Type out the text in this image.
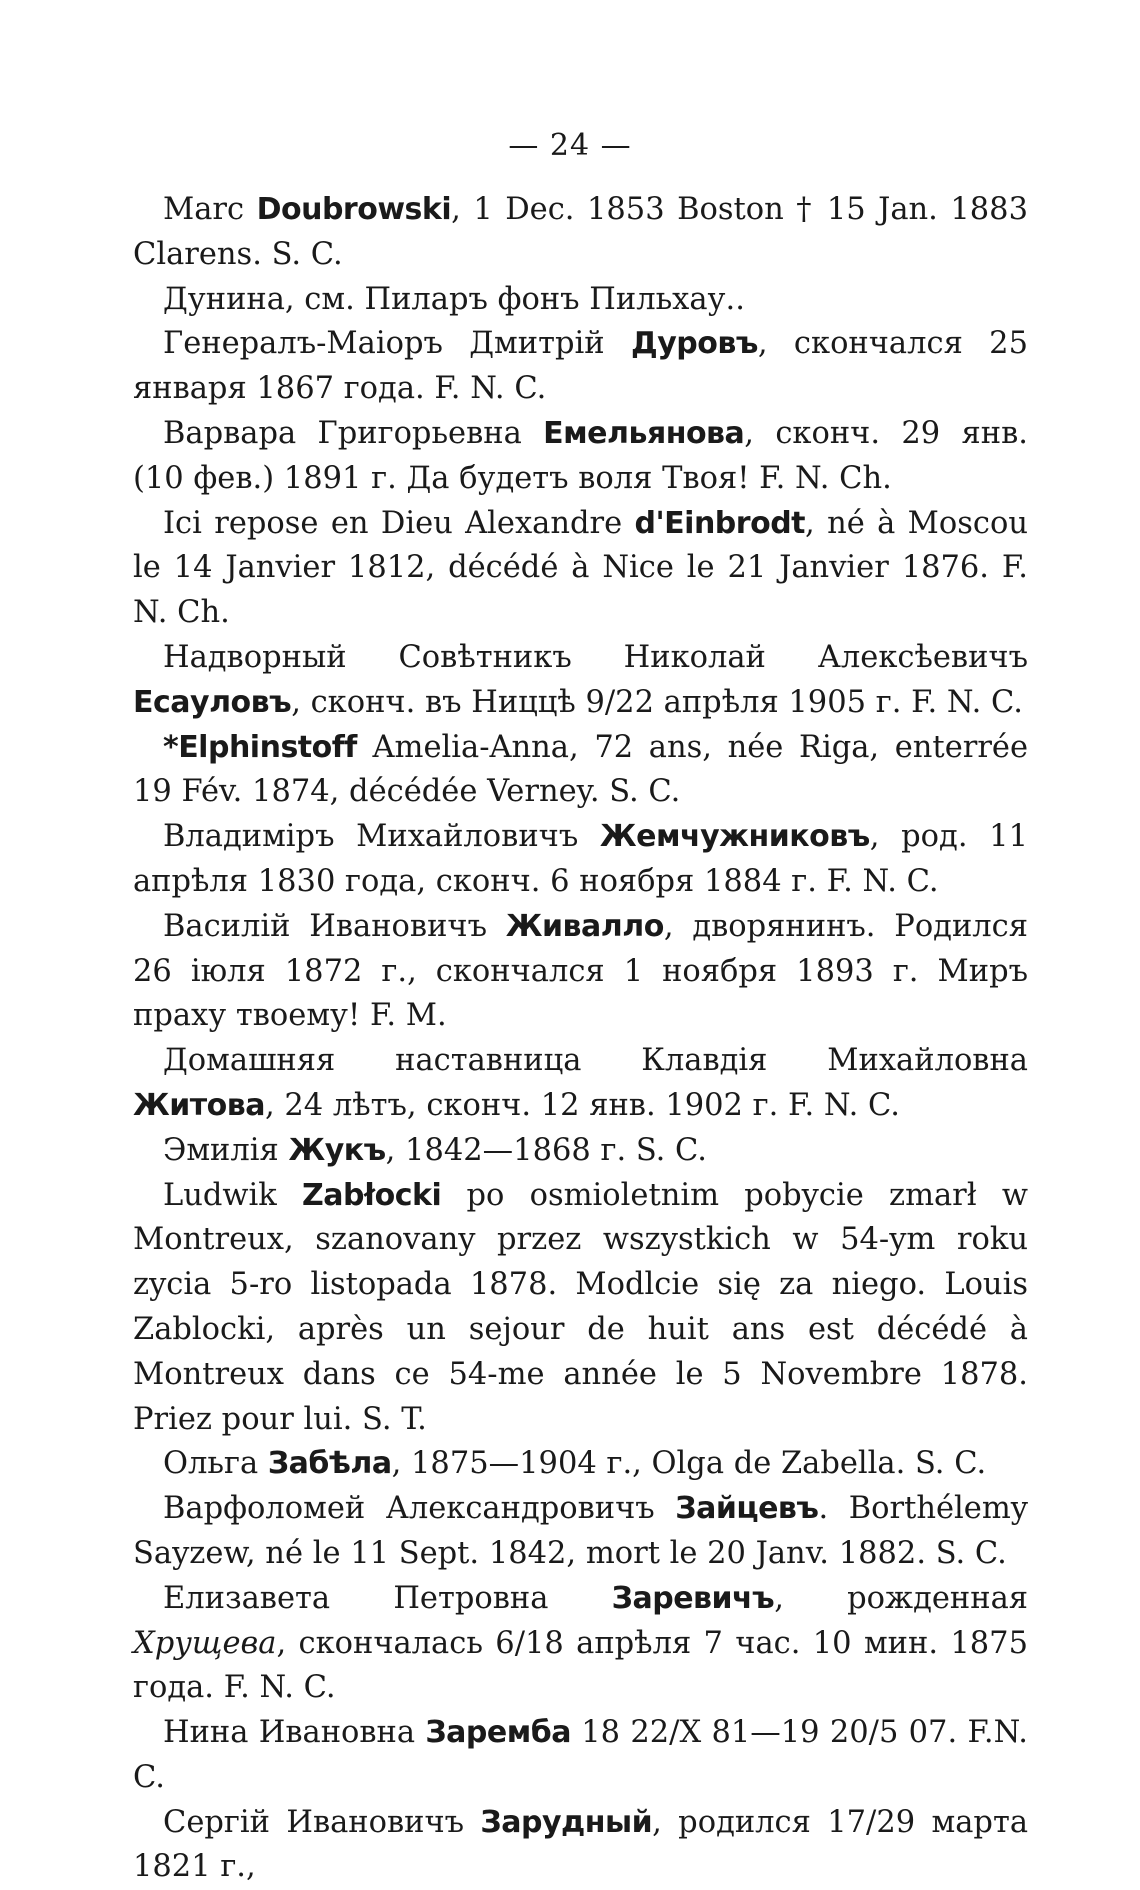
— 24 —

Marc Doubrowski, 1 Dec. 1853 Boston † 15 Jan. 1883 Clarens. S. C.

Дунина, см. Пиларъ фонъ Пильхау..

Генералъ-Маіоръ Дмитрій Дуровъ, скончался 25 января 1867 года. F. N. C.

Варвара Григорьевна Емельянова, сконч. 29 янв. (10 фев.) 1891 г. Да будетъ воля Твоя! F. N. Ch.

Ici repose en Dieu Alexandre d'Einbrodt, né à Moscou le 14 Janvier 1812, décédé à Nice le 21 Janvier 1876. F. N. Ch.

Надворный Совѣтникъ Николай Алексѣевичъ Есауловъ, сконч. въ Ниццѣ 9/22 апрѣля 1905 г. F. N. C.

*Elphinstoff Amelia-Anna, 72 ans, née Riga, enterrée 19 Fév. 1874, décédée Verney. S. C.

Владиміръ Михайловичъ Жемчужниковъ, род. 11 апрѣля 1830 года, сконч. 6 ноября 1884 г. F. N. C.

Василій Ивановичъ Живалло, дворянинъ. Родился 26 іюля 1872 г., скончался 1 ноября 1893 г. Миръ праху твоему! F. M.

Домашняя наставница Клавдія Михайловна Житова, 24 лѣтъ, сконч. 12 янв. 1902 г. F. N. C.

Эмилія Жукъ, 1842—1868 г. S. C.

Ludwik Zabłocki po osmioletnim pobycie zmarł w Montreux, szanovany przez wszystkich w 54-ym roku zycia 5-ro listopada 1878. Modlcie się za niego. Louis Zablocki, après un sejour de huit ans est décédé à Montreux dans ce 54-me année le 5 Novembre 1878. Priez pour lui. S. T.

Ольга Забѣла, 1875—1904 г., Olga de Zabella. S. C.

Варфоломей Александровичъ Зайцевъ. Borthélemy Sayzew, né le 11 Sept. 1842, mort le 20 Janv. 1882. S. C.

Елизавета Петровна Заревичъ, рожденная Хрущева, скончалась 6/18 апрѣля 7 час. 10 мин. 1875 года. F. N. C.

Нина Ивановна Заремба 18 22/X 81—19 20/5 07. F.N. C.

Сергій Ивановичъ Зарудный, родился 17/29 марта 1821 г.,
